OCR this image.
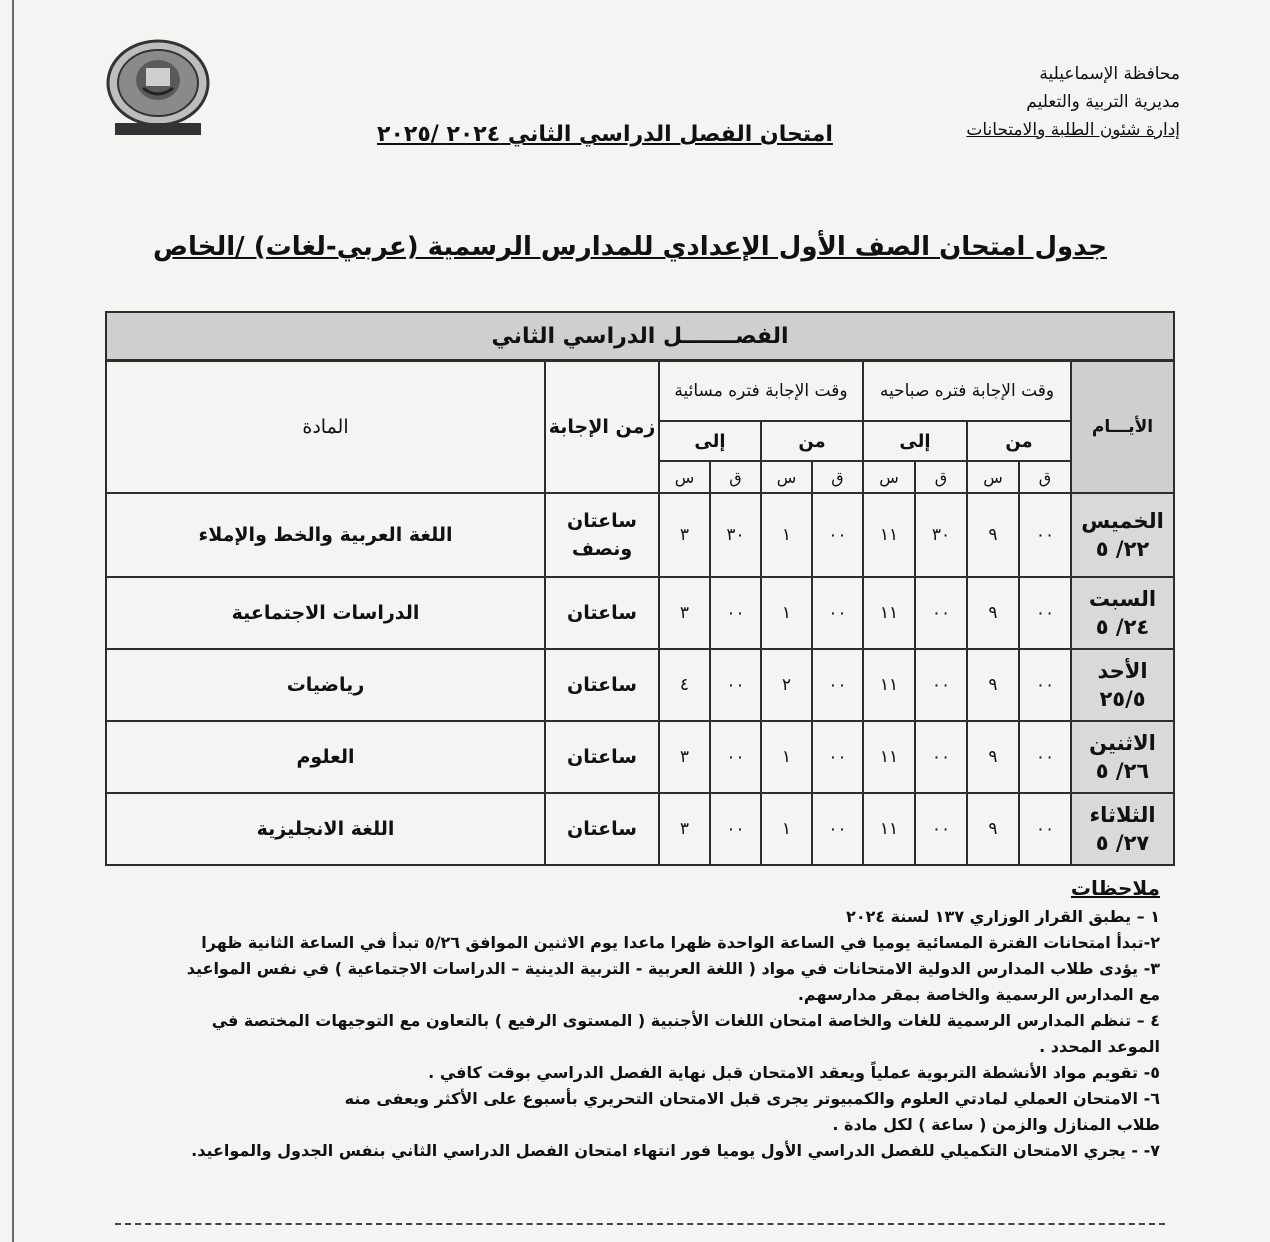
محافظة الإسماعيلية
مديرية التربية والتعليم
إدارة شئون الطلبة والامتحانات
امتحان الفصل الدراسي الثاني ٢٠٢٤ /٢٠٢٥
جدول امتحان الصف الأول الإعدادي للمدارس الرسمية (عربي-لغات) /الخاص
الفصـــــــل الدراسي الثاني										
الأيـــام	وقت الإجابة فتره صباحيه				وقت الإجابة فتره مسائية				زمن الإجابة	المادة
	من		إلى		من		إلى			
	ق	س	ق	س	ق	س	ق	س		

الخميس
٢٢/ ٥	٠٠	٩	٣٠	١١	٠٠	١	٣٠	٣	ساعتان ونصف	اللغة العربية والخط والإملاء

السبت
٢٤/ ٥	٠٠	٩	٠٠	١١	٠٠	١	٠٠	٣	ساعتان	الدراسات الاجتماعية

الأحد
٢٥/٥	٠٠	٩	٠٠	١١	٠٠	٢	٠٠	٤	ساعتان	رياضيات

الاثنين
٢٦/ ٥	٠٠	٩	٠٠	١١	٠٠	١	٠٠	٣	ساعتان	العلوم

الثلاثاء
٢٧/ ٥	٠٠	٩	٠٠	١١	٠٠	١	٠٠	٣	ساعتان	اللغة الانجليزية
ملاحظات
١ – يطبق القرار الوزاري ١٣٧ لسنة ٢٠٢٤
٢-تبدأ امتحانات الفترة المسائية يوميا في الساعة الواحدة ظهرا ماعدا يوم الاثنين الموافق ٥/٢٦ تبدأ في الساعة الثانية ظهرا
٣- يؤدى طلاب المدارس الدولية الامتحانات في مواد ( اللغة العربية - التربية الدينية – الدراسات الاجتماعية ) في نفس المواعيد
مع المدارس الرسمية والخاصة بمقر مدارسهم.
٤ – تنظم المدارس الرسمية للغات والخاصة امتحان اللغات الأجنبية ( المستوى الرفيع ) بالتعاون مع التوجيهات المختصة في
الموعد المحدد .
٥- تقويم مواد الأنشطة التربوية عملياً ويعقد الامتحان قبل نهاية الفصل الدراسي بوقت كافي .
٦- الامتحان العملي لمادتي العلوم والكمبيوتر يجرى قبل الامتحان التحريري بأسبوع على الأكثر ويعفى منه
طلاب المنازل والزمن ( ساعة ) لكل مادة .
٧- - يجري الامتحان التكميلي للفصل الدراسي الأول يوميا فور انتهاء امتحان الفصل الدراسي الثاني بنفس الجدول والمواعيد.
